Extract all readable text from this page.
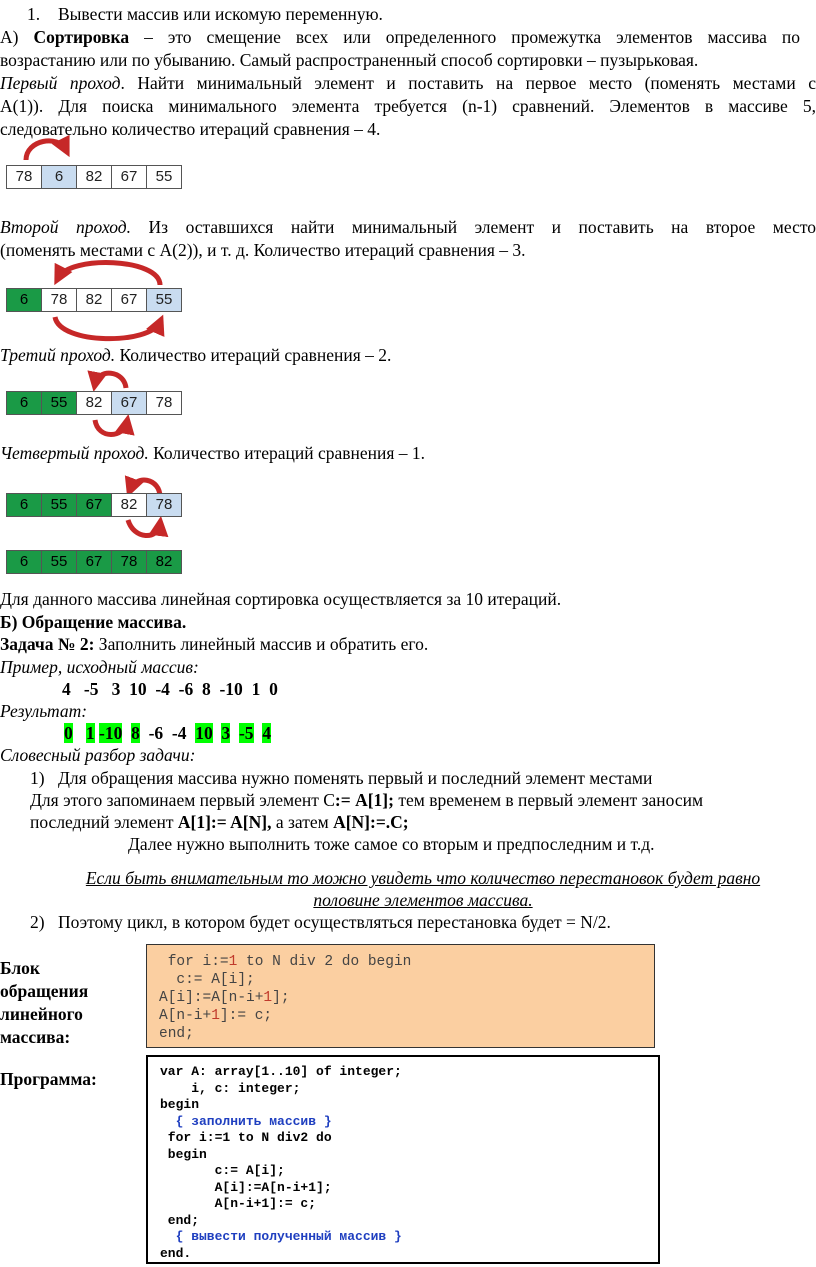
1. Вывести массив или искомую переменную.
А) Сортировка – это смещение всех или определенного промежутка элементов массива по
возрастанию или по убыванию. Самый распространенный способ сортировки – пузырьковая.
Первый проход. Найти минимальный элемент и поставить на первое место (поменять местами с
A(1)). Для поиска минимального элемента требуется (n-1) сравнений. Элементов в массиве 5,
следовательно количество итераций сравнения – 4.
78	6	82	67	55
Второй проход. Из оставшихся найти минимальный элемент и поставить на второе место
(поменять местами с A(2)), и т. д. Количество итераций сравнения – 3.
6	78	82	67	55
Третий проход. Количество итераций сравнения – 2.
6	55	82	67	78
Четвертый проход. Количество итераций сравнения – 1.
6	55	67	82	78
6	55	67	78	82
Для данного массива линейная сортировка осуществляется за 10 итераций.
Б) Обращение массива.
Задача № 2: Заполнить линейный массив и обратить его.
Пример, исходный массив:
4 -5 3 10 -4 -6 8 -10 1 0
Результат:
0 1 -10 8 -6 -4 10 3 -5 4
Словесный разбор задачи:
1) Для обращения массива нужно поменять первый и последний элемент местами
Для этого запоминаем первый элемент С:= A[1]; тем временем в первый элемент заносим
последний элемент A[1]:= A[N], а затем A[N]:=.С;
Далее нужно выполнить тоже самое со вторым и предпоследним и т.д.
Если быть внимательным то можно увидеть что количество перестановок будет равно
половине элементов массива.
2) Поэтому цикл, в котором будет осуществляться перестановка будет = N/2.
Блок
обращения
линейного
массива:
for i:=1 to N div 2 do begin
c:= A[i];
A[i]:=A[n-i+1];
A[n-i+1]:= c;
end;
Программа:	var A: array[1..10] of integer;
i, c: integer;
begin
{ заполнить массив }
for i:=1 to N div2 do
begin
c:= A[i];
A[i]:=A[n-i+1];
A[n-i+1]:= c;
end;
{ вывести полученный массив }
end.
